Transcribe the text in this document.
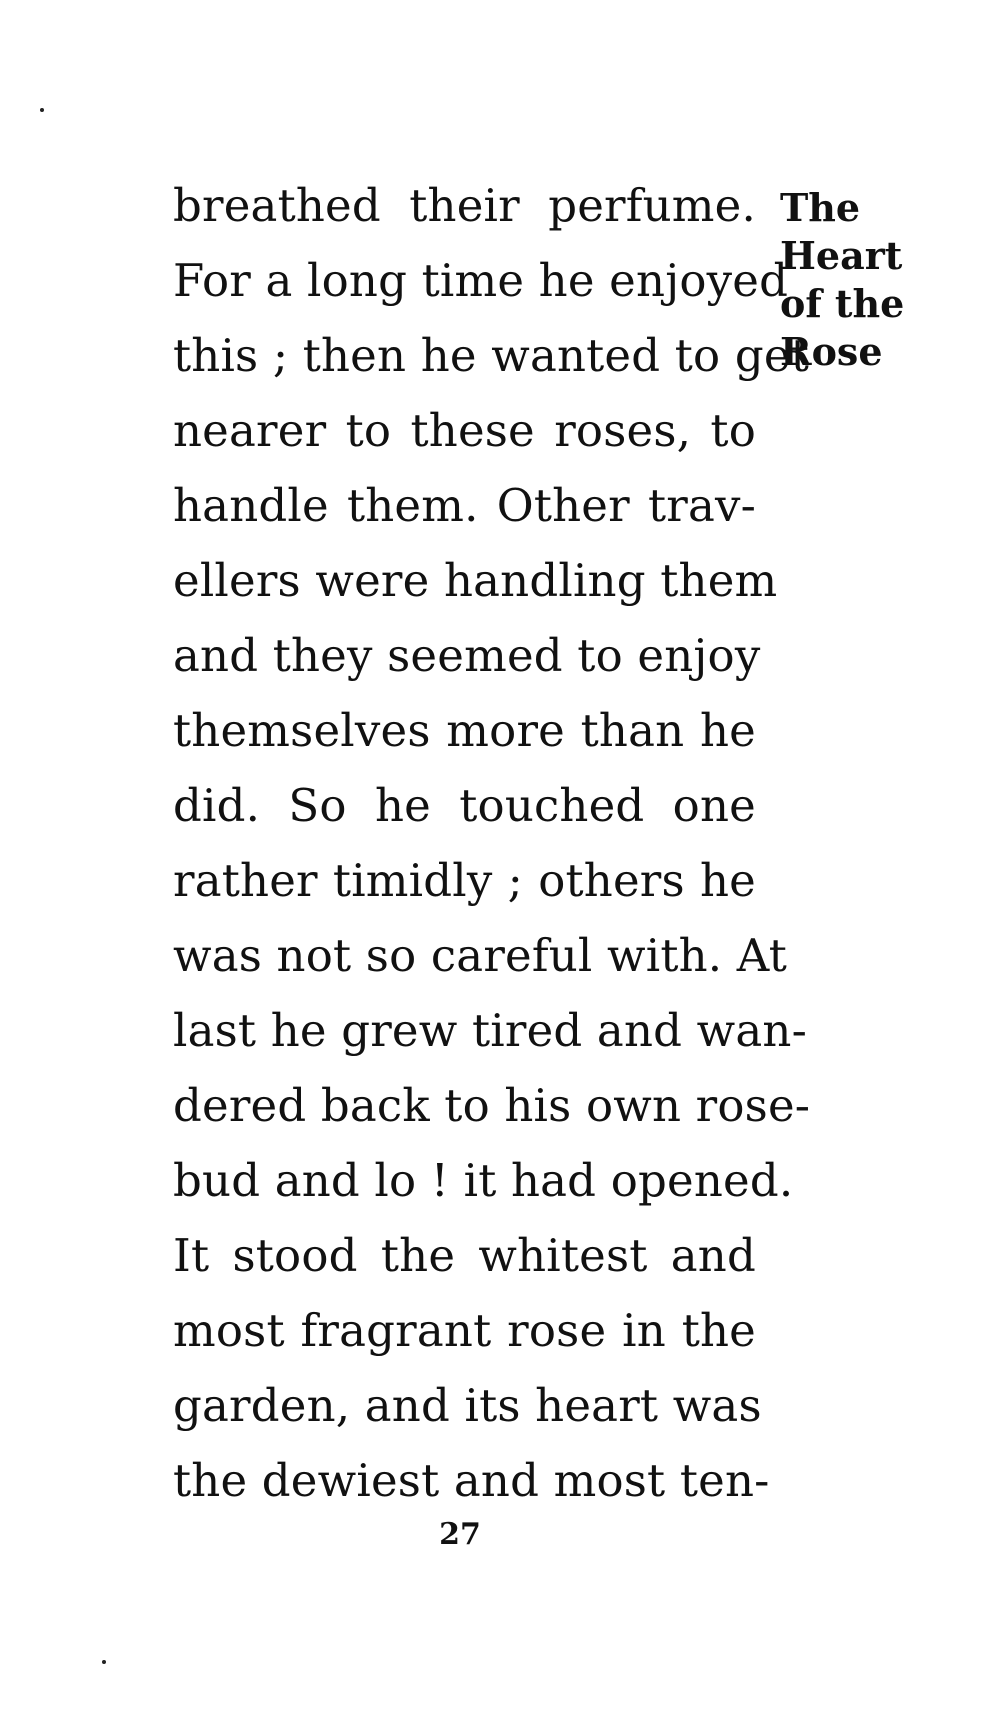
breathed their perfume.
For a long time he enjoyed
this ; then he wanted to get
nearer to these roses, to
handle them. Other trav-
ellers were handling them
and they seemed to enjoy
themselves more than he
did. So he touched one
rather timidly ; others he
was not so careful with. At
last he grew tired and wan-
dered back to his own rose-
bud and lo ! it had opened.
It stood the whitest and
most fragrant rose in the
garden, and its heart was
the dewiest and most ten-
The
Heart
of the
Rose
27
